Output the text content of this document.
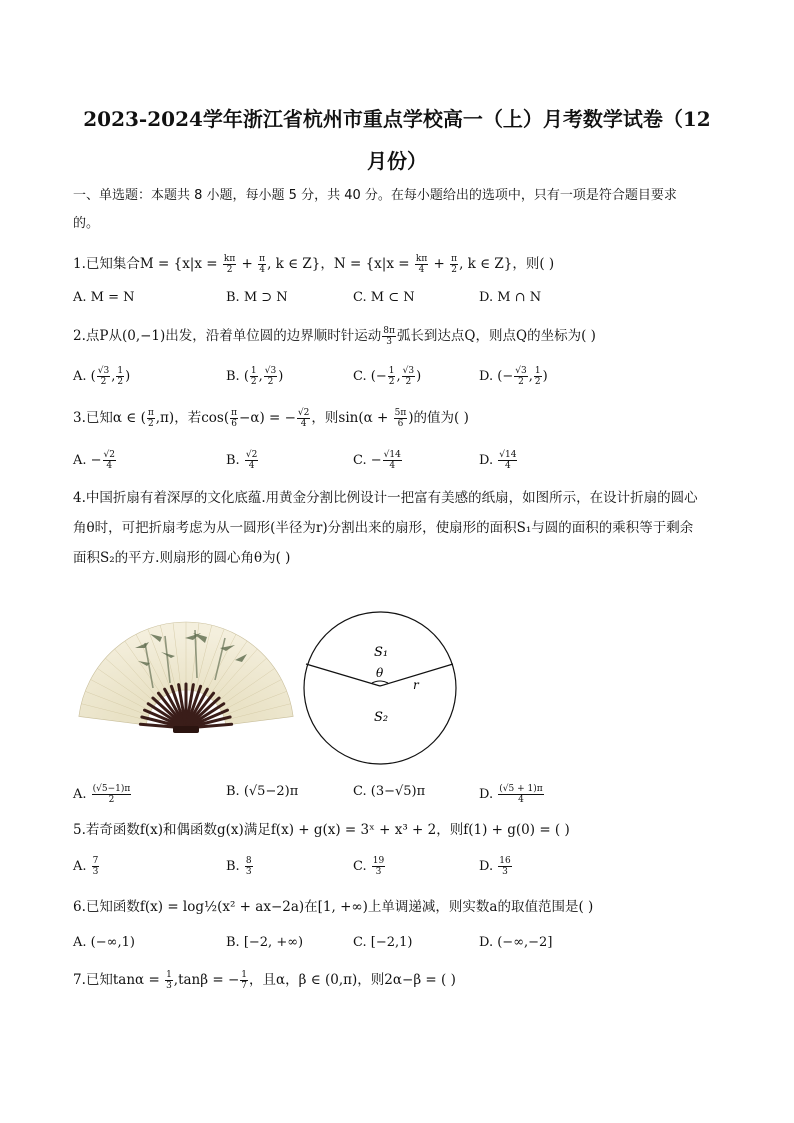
2023-2024学年浙江省杭州市重点学校高一（上）月考数学试卷（12
月份）
一、单选题：本题共 8 小题，每小题 5 分，共 40 分。在每小题给出的选项中，只有一项是符合题目要求
的。
1.已知集合$M = \{x|x = \frac{k\pi}{2} + \frac{\pi}{4}$ , k ∈ Z}，$N = \{x|x = \frac{k\pi}{4} + \frac{\pi}{2}$ , k ∈ Z}，则( )
A. M = N	B. M ⊃ N	C. M ⊂ N	D. M ∩ N
2.点P从(0,−1)出发，沿着单位圆的边界顺时针运动 $\frac{8\pi}{3}$ 弧长到达点Q，则点Q的坐标为( )
A. ( $\frac{√3}{2}$ , $\frac{1}{2}$ )	B. ( $\frac{1}{2}$ , $\frac{√3}{2}$ )	C. (− $\frac{1}{2}$ , $\frac{√3}{2}$ )	D. (− $\frac{√3}{2}$ , $\frac{1}{2}$ )
3.已知α ∈ ( $\frac{\pi}{2} ,\pi$)，若$\cos( \frac{\pi}{6} -\alpha)$ = − $\frac{√2}{4}$ ，则$\sin(\alpha + \frac{5\pi}{6}$ )的值为( )
A. − $\frac{√2}{4}$	B. $\frac{√2}{4}$	C. − $\frac{√14}{4}$	D. $\frac{√14}{4}$
4.中国折扇有着深厚的文化底蕴.用黄金分割比例设计一把富有美感的纸扇，如图所示，在设计折扇的圆心
角θ时，可把折扇考虑为从一圆形(半径为r)分割出来的扇形，使扇形的面积S₁与圆的面积的乘积等于剩余
面积S₂的平方.则扇形的圆心角θ为( )
S₁
θ
r
S₂
A. $\frac{(√5-1)\pi}{2}$	B. (√5−2)π	C. (3−√5)π	D. $\frac{(√5 + 1)\pi}{4}$
5.若奇函数f(x)和偶函数g(x)满足f(x) + g(x) = 3ˣ + x³ + 2，则f(1) + g(0) = ( )
A. $\frac{7}{3}$	B. $\frac{8}{3}$	C. $\frac{19}{3}$	D. $\frac{16}{3}$
6.已知函数f(x) = log½(x² + ax−2a)在[1, +∞)上单调递减，则实数a的取值范围是( )
A. (−∞,1)	B. [−2, +∞)	C. [−2,1)	D. (−∞,−2]
7.已知$\tan\alpha = \frac{1}{3} ,\tan\beta$ = − $\frac{1}{7}$ ，且α，β ∈ (0,π)，则2α−β = ( )
